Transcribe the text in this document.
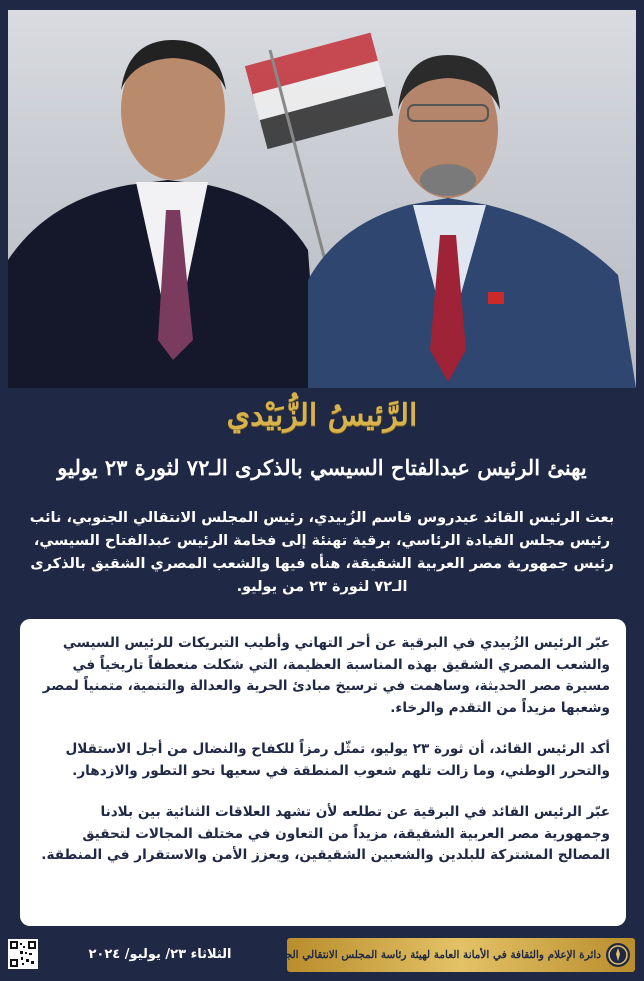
الرَّئيسُ الزُّبَيْدي
يهنئ الرئيس عبدالفتاح السيسي بالذكرى الـ٧٢ لثورة ٢٣ يوليو
بعث الرئيس القائد عيدروس قاسم الزُبيدي، رئيس المجلس الانتقالي الجنوبي، نائب رئيس مجلس القيادة الرئاسي، برقية تهنئة إلى فخامة الرئيس عبدالفتاح السيسي، رئيس جمهورية مصر العربية الشقيقة، هنأه فيها والشعب المصري الشقيق بالذكرى الـ٧٢ لثورة ٢٣ من يوليو.

عبّر الرئيس الزُبيدي في البرقية عن أحر التهاني وأطيب التبريكات للرئيس السيسي والشعب المصري الشقيق بهذه المناسبة العظيمة، التي شكلت منعطفاً تاريخياً في مسيرة مصر الحديثة، وساهمت في ترسيخ مبادئ الحرية والعدالة والتنمية، متمنياً لمصر وشعبها مزيداً من التقدم والرخاء.

أكد الرئيس القائد، أن ثورة ٢٣ يوليو، تمثّل رمزاً للكفاح والنضال من أجل الاستقلال والتحرر الوطني، وما زالت تلهم شعوب المنطقة في سعيها نحو التطور والازدهار.

عبّر الرئيس القائد في البرقية عن تطلعه لأن تشهد العلاقات الثنائية بين بلادنا وجمهورية مصر العربية الشقيقة، مزيداً من التعاون في مختلف المجالات لتحقيق المصالح المشتركة للبلدين والشعبين الشقيقين، ويعزز الأمن والاستقرار في المنطقة.

الثلاثاء ٢٣/ يوليو/ ٢٠٢٤	دائرة الإعلام والثقافة في الأمانة العامة لهيئة رئاسة المجلس الانتقالي الجنوبي
